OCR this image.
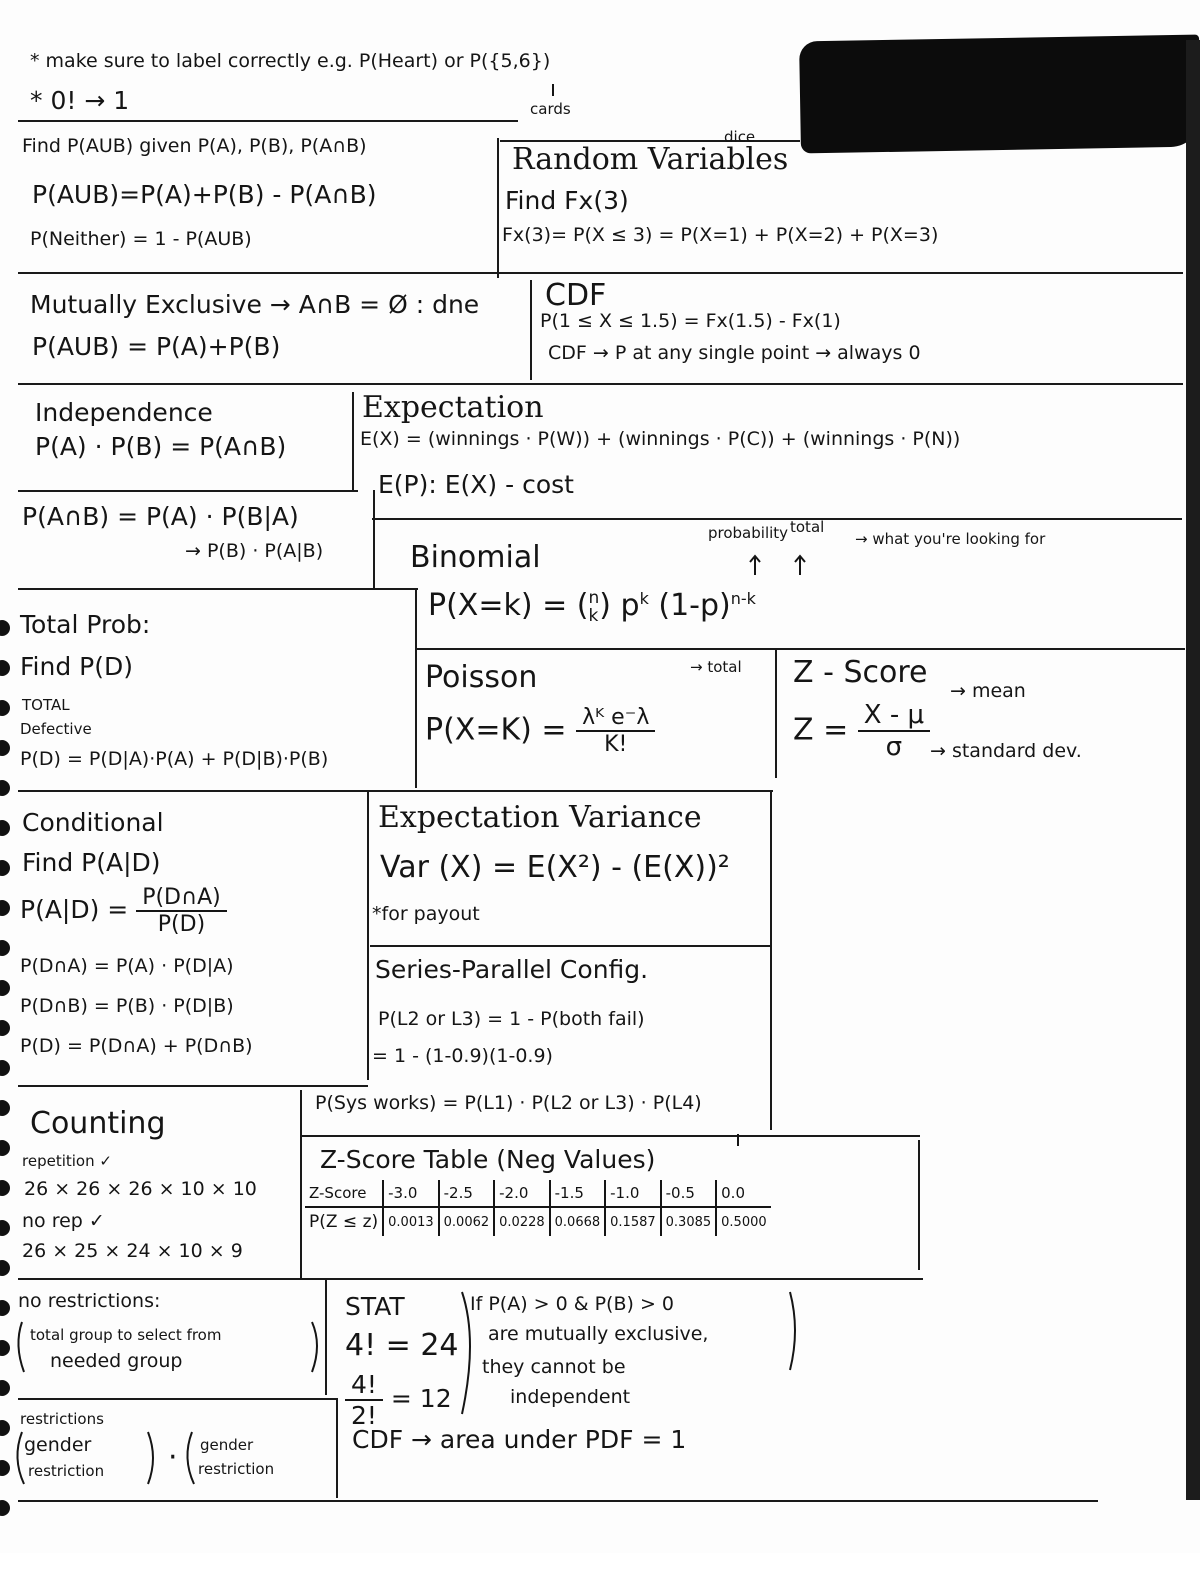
* make sure to label correctly e.g. P(Heart) or P({5,6})
cards
dice
* 0! → 1
Find P(AUB) given P(A), P(B), P(A∩B)
P(AUB)=P(A)+P(B) - P(A∩B)
P(Neither) = 1 - P(AUB)
Random Variables
Find Fx(3)
Fx(3)= P(X ≤ 3) = P(X=1) + P(X=2) + P(X=3)
Mutually Exclusive → A∩B = Ø : dne
P(AUB) = P(A)+P(B)
CDF
P(1 ≤ X ≤ 1.5) = Fx(1.5) - Fx(1)
CDF → P at any single point → always 0
Independence
P(A) · P(B) = P(A∩B)
Expectation
E(X) = (winnings · P(W)) + (winnings · P(C)) + (winnings · P(N))
E(P): E(X) - cost
P(A∩B) = P(A) · P(B|A)
→ P(B) · P(A|B)	Binomial
probability total
→ what you're looking for
P(X=k) = ( n
k ) $p^k$ $(1-p)^{n-k}$
Total Prob:
Find P(D)
TOTAL
Defective
P(D) = P(D|A)·P(A) + P(D|B)·P(B)
Poisson	→ total
$P(X=K) = \frac{\text{λᴷ e⁻λ}}{K!}$
Z - Score
$Z = \frac{X - \mu}{\sigma}$
→ mean
→ standard dev.
Conditional
Find P(A|D)
$P(A|D) = \frac{P(D\cap A)}{P(D)}$
P(D∩A) = P(A) · P(D|A)
P(D∩B) = P(B) · P(D|B)
P(D) = P(D∩A) + P(D∩B)
Expectation Variance
Var (X) = E(X²) - (E(X))²
*for payout
Series-Parallel Config.
P(L2 or L3) = 1 - P(both fail)
= 1 - (1-0.9)(1-0.9)
P(Sys works) = P(L1) · P(L2 or L3) · P(L4)
Counting
repetition ✓
26 × 26 × 26 × 10 × 10
no rep ✓
26 × 25 × 24 × 10 × 9
Z-Score Table (Neg Values)
Z-Score	-3.0	-2.5	-2.0	-1.5	-1.0	-0.5	0.0
P(Z ≤ z)	0.0013	0.0062	0.0228	0.0668	0.1587	0.3085	0.5000
no restrictions:
total group to select from
needed group
restrictions
gender
restriction · gender
restriction
STAT
4! = 24
$\frac{4!}{2!} = 12$
If P(A) > 0 & P(B) > 0
are mutually exclusive,
they cannot be
independent
CDF → area under PDF = 1
